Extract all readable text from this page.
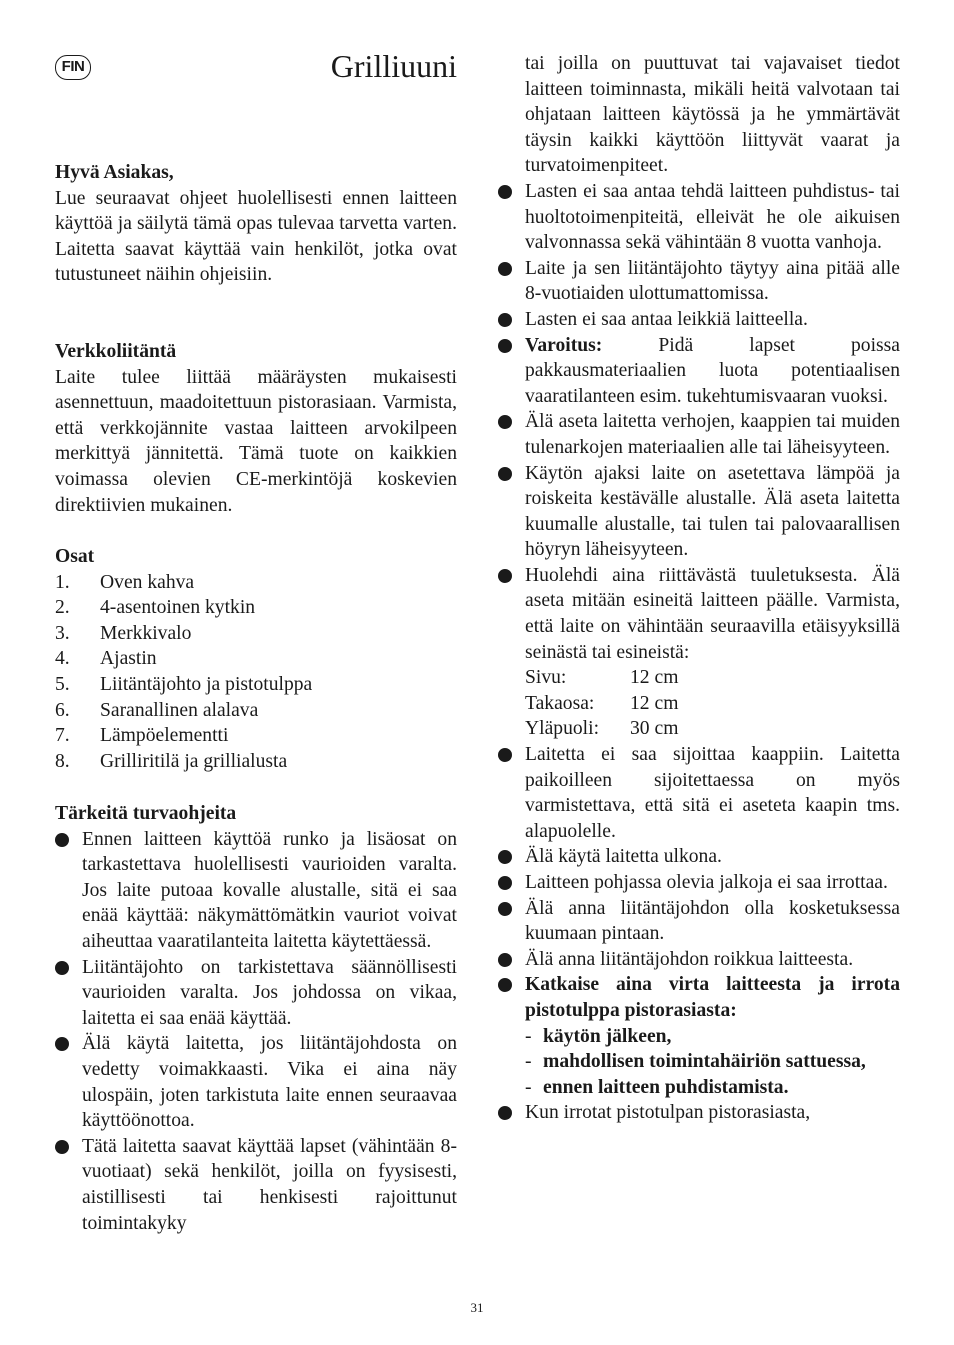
FIN	Grilliuuni
Hyvä Asiakas,
Lue seuraavat ohjeet huolellisesti ennen laitteen käyttöä ja säilytä tämä opas tulevaa tarvetta varten. Laitetta saavat käyttää vain henkilöt, jotka ovat tutustuneet näihin ohjeisiin.
Verkkoliitäntä
Laite tulee liittää määräysten mukaisesti asennettuun, maadoitettuun pistorasiaan. Varmista, että verkkojännite vastaa laitteen arvokilpeen merkittyä jännitettä. Tämä tuote on kaikkien voimassa olevien CE-merkintöjä koskevien direktiivien mukainen.
Osat
1. Oven kahva
2. 4-asentoinen kytkin
3. Merkkivalo
4. Ajastin
5. Liitäntäjohto ja pistotulppa
6. Saranallinen alalava
7. Lämpöelementti
8. Grilliritilä ja grillialusta
Tärkeitä turvaohjeita
Ennen laitteen käyttöä runko ja lisäosat on tarkastettava huolellisesti vaurioiden varalta. Jos laite putoaa kovalle alustalle, sitä ei saa enää käyttää: näkymättömätkin vauriot voivat aiheuttaa vaaratilanteita laitetta käytettäessä.
Liitäntäjohto on tarkistettava säännöllisesti vaurioiden varalta. Jos johdossa on vikaa, laitetta ei saa enää käyttää.
Älä käytä laitetta, jos liitäntäjohdosta on vedetty voimakkaasti. Vika ei aina näy ulospäin, joten tarkistuta laite ennen seuraavaa käyttöönottoa.
Tätä laitetta saavat käyttää lapset (vähintään 8-vuotiaat) sekä henkilöt, joilla on fyysisesti, aistillisesti tai henkisesti rajoittunut toimintakyky
tai joilla on puuttuvat tai vajavaiset tiedot laitteen toiminnasta, mikäli heitä valvotaan tai ohjataan laitteen käytössä ja he ymmärtävät täysin kaikki käyttöön liittyvät vaarat ja turvatoimenpiteet.
Lasten ei saa antaa tehdä laitteen puhdistus- tai huoltotoimenpiteitä, elleivät he ole aikuisen valvonnassa sekä vähintään 8 vuotta vanhoja.
Laite ja sen liitäntäjohto täytyy aina pitää alle 8-vuotiaiden ulottumattomissa.
Lasten ei saa antaa leikkiä laitteella.
Varoitus:	Pidä lapset poissa pakkausmateriaalien luota potentiaalisen vaaratilanteen esim. tukehtumisvaaran vuoksi.
Älä aseta laitetta verhojen, kaappien tai muiden tulenarkojen materiaalien alle tai läheisyyteen.
Käytön ajaksi laite on asetettava lämpöä ja roiskeita kestävälle alustalle. Älä aseta laitetta kuumalle alustalle, tai tulen tai palovaarallisen höyryn läheisyyteen.
Huolehdi aina riittävästä tuuletuksesta. Älä aseta mitään esineitä laitteen päälle. Varmista, että laite on vähintään seuraavilla etäisyyksillä seinästä tai esineistä:
Sivu:	12 cm
Takaosa:	12 cm
Yläpuoli:	30 cm
Laitetta ei saa sijoittaa kaappiin. Laitetta paikoilleen sijoitettaessa on myös varmistettava, että sitä ei aseteta kaapin tms. alapuolelle.
Älä käytä laitetta ulkona.
Laitteen pohjassa olevia jalkoja ei saa irrottaa.
Älä anna liitäntäjohdon olla kosketuksessa kuumaan pintaan.
Älä anna liitäntäjohdon roikkua laitteesta.
Katkaise aina virta laitteesta ja irrota pistotulppa pistorasiasta:
- käytön jälkeen,
- mahdollisen toimintahäiriön sattuessa,
- ennen laitteen puhdistamista.
Kun irrotat pistotulpan pistorasiasta,
31
